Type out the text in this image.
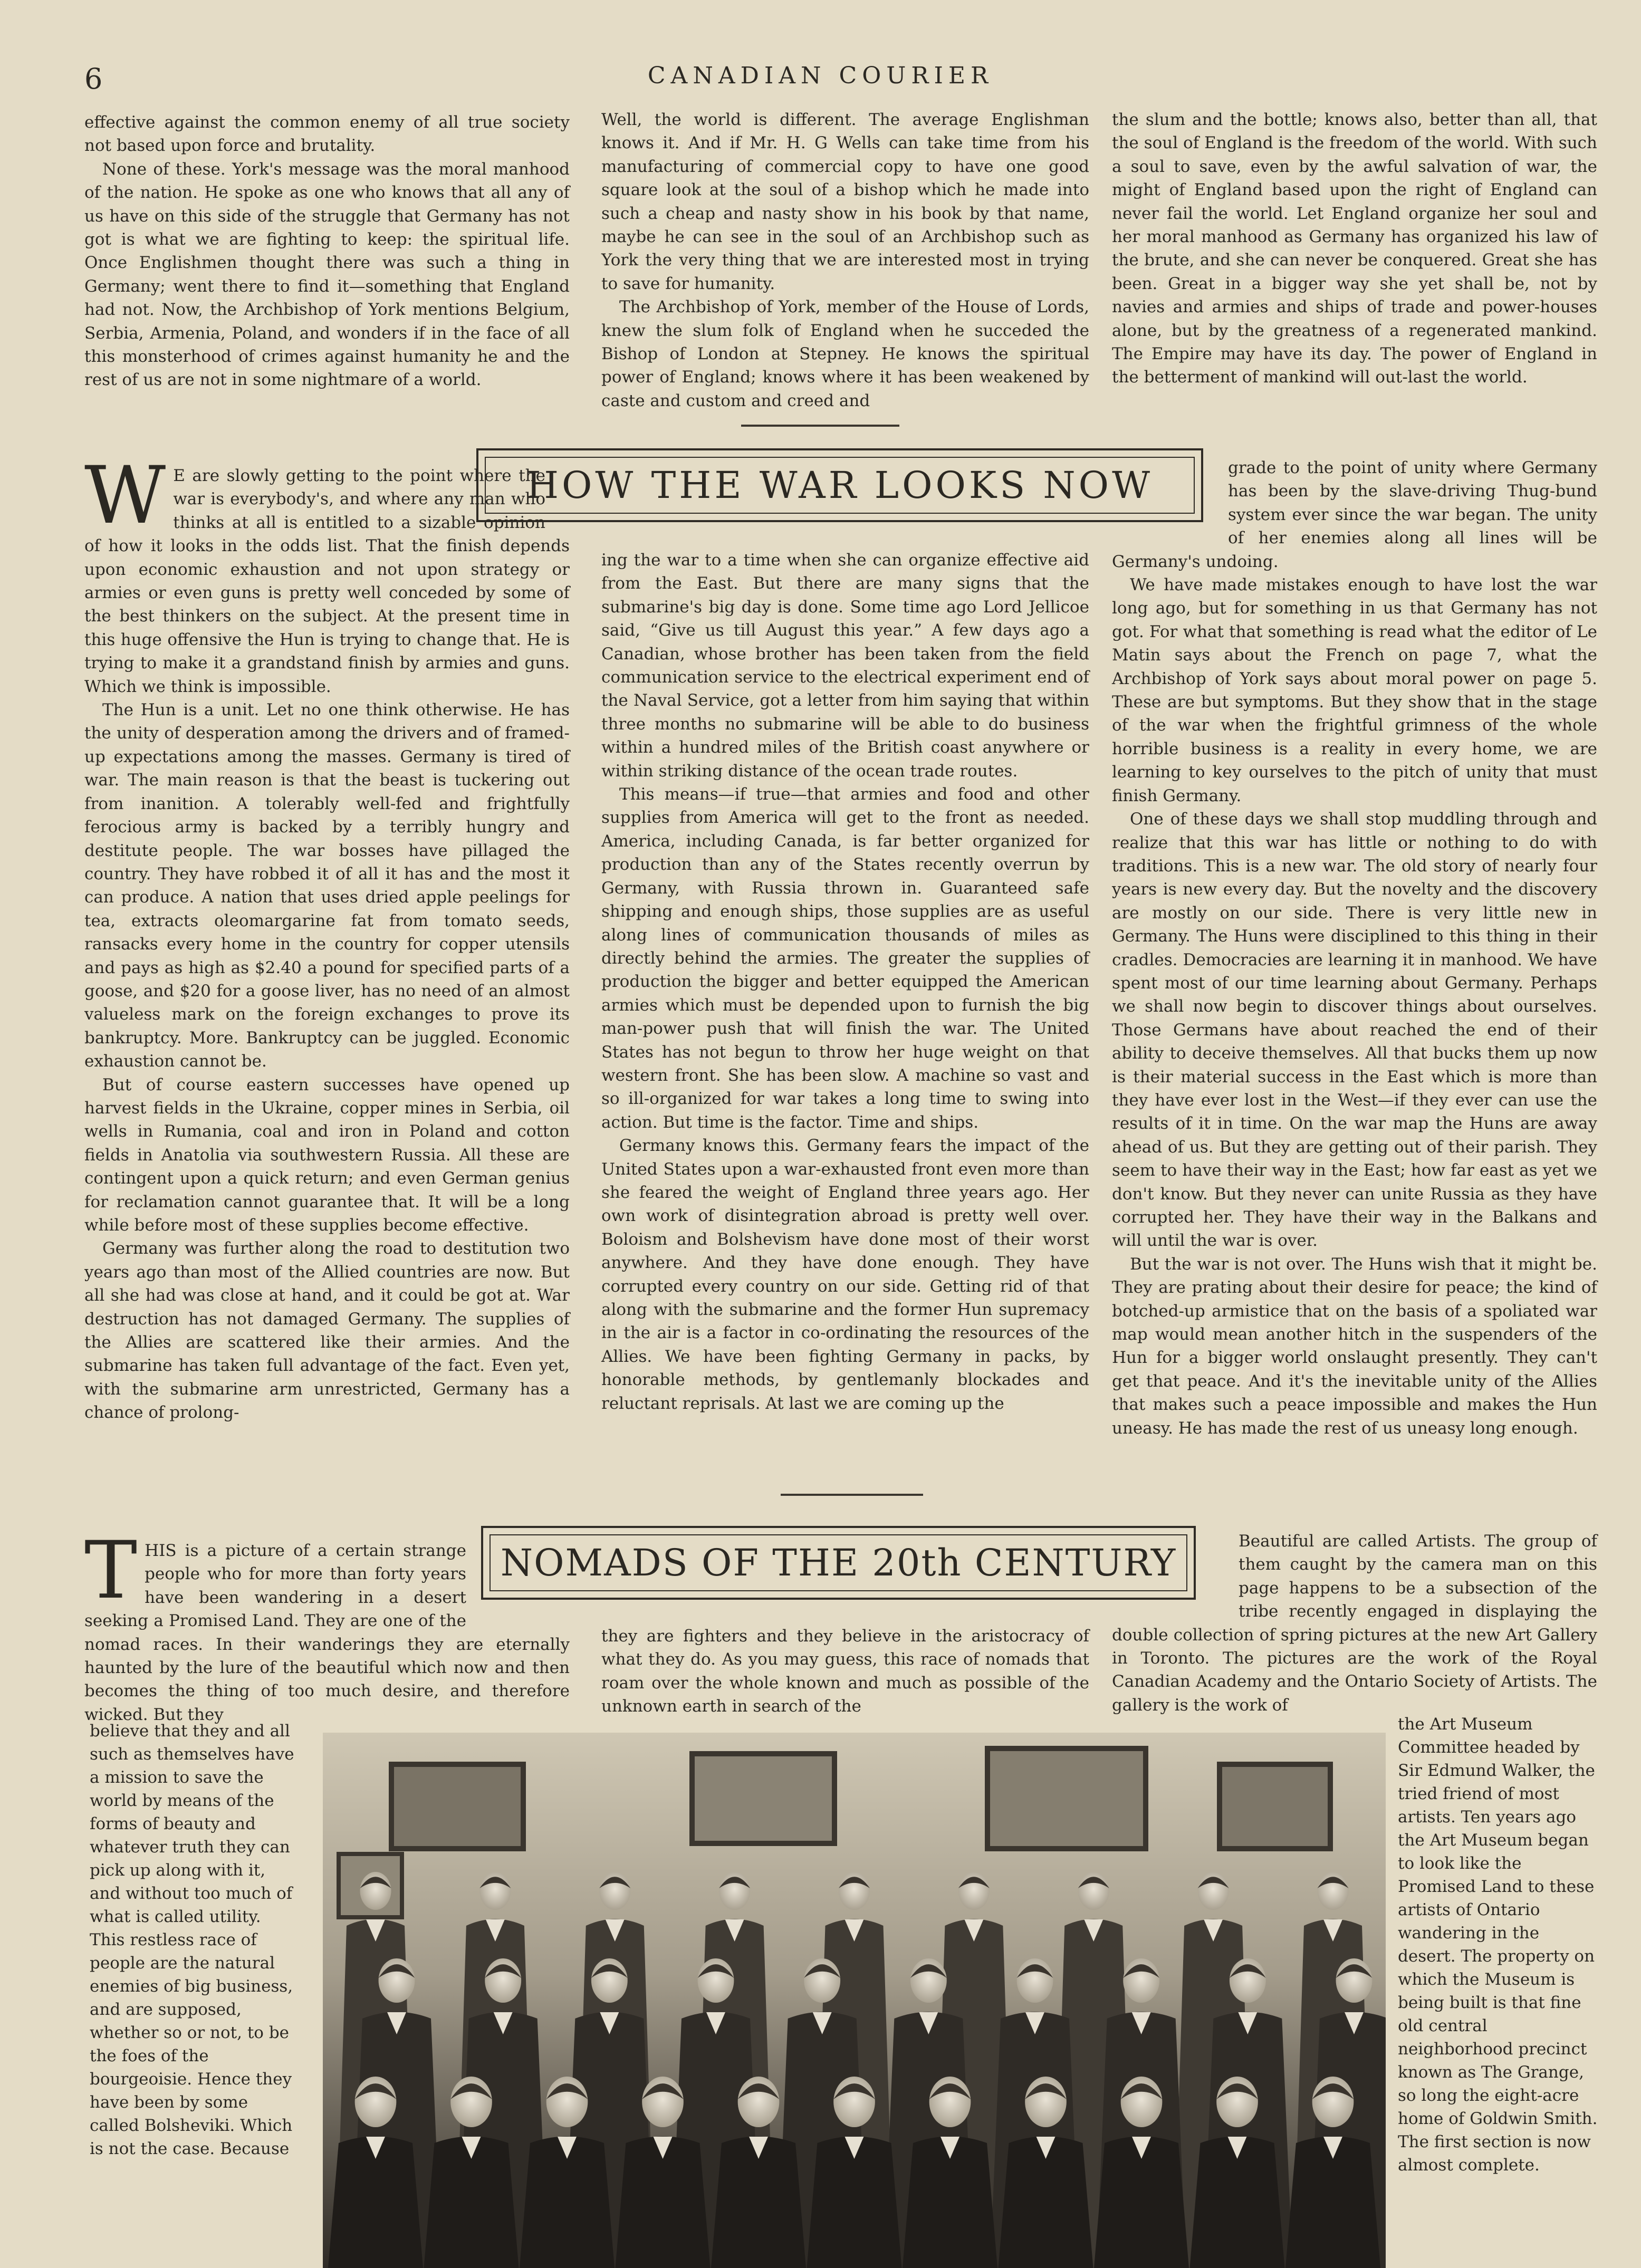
6	CANADIAN COURIER

effective against the common enemy of all true society not based upon force and brutality.

None of these. York's message was the moral manhood of the nation. He spoke as one who knows that all any of us have on this side of the struggle that Germany has not got is what we are fighting to keep: the spiritual life. Once Englishmen thought there was such a thing in Germany; went there to find it—something that England had not. Now, the Archbishop of York mentions Belgium, Serbia, Armenia, Poland, and wonders if in the face of all this monsterhood of crimes against humanity he and the rest of us are not in some nightmare of a world.

Well, the world is different. The average Englishman knows it. And if Mr. H. G Wells can take time from his manufacturing of commercial copy to have one good square look at the soul of a bishop which he made into such a cheap and nasty show in his book by that name, maybe he can see in the soul of an Archbishop such as York the very thing that we are interested most in trying to save for humanity.

The Archbishop of York, member of the House of Lords, knew the slum folk of England when he succeded the Bishop of London at Stepney. He knows the spiritual power of England; knows where it has been weakened by caste and custom and creed and

the slum and the bottle; knows also, better than all, that the soul of England is the freedom of the world. With such a soul to save, even by the awful salvation of war, the might of England based upon the right of England can never fail the world. Let England organize her soul and her moral manhood as Germany has organized his law of the brute, and she can never be conquered. Great she has been. Great in a bigger way she yet shall be, not by navies and armies and ships of trade and power-houses alone, but by the greatness of a regenerated mankind. The Empire may have its day. The power of England in the betterment of mankind will out-last the world.

HOW THE WAR LOOKS NOW
W E are slowly getting to the point where the war is everybody's, and where any man who thinks at all is entitled to a sizable opinion of how it looks in the odds list. That the finish depends upon economic exhaustion and not upon strategy or armies or even guns is pretty well conceded by some of the best thinkers on the subject. At the present time in this huge offensive the Hun is trying to change that. He is trying to make it a grandstand finish by armies and guns. Which we think is impossible.

The Hun is a unit. Let no one think otherwise. He has the unity of desperation among the drivers and of framed-up expectations among the masses. Germany is tired of war. The main reason is that the beast is tuckering out from inanition. A tolerably well-fed and frightfully ferocious army is backed by a terribly hungry and destitute people. The war bosses have pillaged the country. They have robbed it of all it has and the most it can produce. A nation that uses dried apple peelings for tea, extracts oleomargarine fat from tomato seeds, ransacks every home in the country for copper utensils and pays as high as $2.40 a pound for specified parts of a goose, and $20 for a goose liver, has no need of an almost valueless mark on the foreign exchanges to prove its bankruptcy. More. Bankruptcy can be juggled. Economic exhaustion cannot be.

But of course eastern successes have opened up harvest fields in the Ukraine, copper mines in Serbia, oil wells in Rumania, coal and iron in Poland and cotton fields in Anatolia via southwestern Russia. All these are contingent upon a quick return; and even German genius for reclamation cannot guarantee that. It will be a long while before most of these supplies become effective.

Germany was further along the road to destitution two years ago than most of the Allied countries are now. But all she had was close at hand, and it could be got at. War destruction has not damaged Germany. The supplies of the Allies are scattered like their armies. And the submarine has taken full advantage of the fact. Even yet, with the submarine arm unrestricted, Germany has a chance of prolong-

ing the war to a time when she can organize effective aid from the East. But there are many signs that the submarine's big day is done. Some time ago Lord Jellicoe said, “Give us till August this year.” A few days ago a Canadian, whose brother has been taken from the field communication service to the electrical experiment end of the Naval Service, got a letter from him saying that within three months no submarine will be able to do business within a hundred miles of the British coast anywhere or within striking distance of the ocean trade routes.

This means—if true—that armies and food and other supplies from America will get to the front as needed. America, including Canada, is far better organized for production than any of the States recently overrun by Germany, with Russia thrown in. Guaranteed safe shipping and enough ships, those supplies are as useful along lines of communication thousands of miles as directly behind the armies. The greater the supplies of production the bigger and better equipped the American armies which must be depended upon to furnish the big man-power push that will finish the war. The United States has not begun to throw her huge weight on that western front. She has been slow. A machine so vast and so ill-organized for war takes a long time to swing into action. But time is the factor. Time and ships.

Germany knows this. Germany fears the impact of the United States upon a war-exhausted front even more than she feared the weight of England three years ago. Her own work of disintegration abroad is pretty well over. Boloism and Bolshevism have done most of their worst anywhere. And they have done enough. They have corrupted every country on our side. Getting rid of that along with the submarine and the former Hun supremacy in the air is a factor in co-ordinating the resources of the Allies. We have been fighting Germany in packs, by honorable methods, by gentlemanly blockades and reluctant reprisals. At last we are coming up the

grade to the point of unity where Germany has been by the slave-driving Thug-bund system ever since the war began. The unity of her enemies along all lines will be Germany's undoing.

We have made mistakes enough to have lost the war long ago, but for something in us that Germany has not got. For what that something is read what the editor of Le Matin says about the French on page 7, what the Archbishop of York says about moral power on page 5. These are but symptoms. But they show that in the stage of the war when the frightful grimness of the whole horrible business is a reality in every home, we are learning to key ourselves to the pitch of unity that must finish Germany.

One of these days we shall stop muddling through and realize that this war has little or nothing to do with traditions. This is a new war. The old story of nearly four years is new every day. But the novelty and the discovery are mostly on our side. There is very little new in Germany. The Huns were disciplined to this thing in their cradles. Democracies are learning it in manhood. We have spent most of our time learning about Germany. Perhaps we shall now begin to discover things about ourselves. Those Germans have about reached the end of their ability to deceive themselves. All that bucks them up now is their material success in the East which is more than they have ever lost in the West—if they ever can use the results of it in time. On the war map the Huns are away ahead of us. But they are getting out of their parish. They seem to have their way in the East; how far east as yet we don't know. But they never can unite Russia as they have corrupted her. They have their way in the Balkans and will until the war is over.

But the war is not over. The Huns wish that it might be. They are prating about their desire for peace; the kind of botched-up armistice that on the basis of a spoliated war map would mean another hitch in the suspenders of the Hun for a bigger world onslaught presently. They can't get that peace. And it's the inevitable unity of the Allies that makes such a peace impossible and makes the Hun uneasy. He has made the rest of us uneasy long enough.

NOMADS OF THE 20th CENTURY
T HIS is a picture of a certain strange people who for more than forty years have been wandering in a desert seeking a Promised Land. They are one of the nomad races. In their wanderings they are eternally haunted by the lure of the beautiful which now and then becomes the thing of too much desire, and therefore wicked. But they

believe that they and all such as themselves have a mission to save the world by means of the forms of beauty and whatever truth they can pick up along with it, and without too much of what is called utility. This restless race of people are the natural enemies of big business, and are supposed, whether so or not, to be the foes of the bourgeoisie. Hence they have been by some called Bolsheviki. Which is not the case. Because

they are fighters and they believe in the aristocracy of what they do. As you may guess, this race of nomads that roam over the whole known and much as possible of the unknown earth in search of the

Beautiful are called Artists. The group of them caught by the camera man on this page happens to be a subsection of the tribe recently engaged in displaying the double collection of spring pictures at the new Art Gallery in Toronto. The pictures are the work of the Royal Canadian Academy and the Ontario Society of Artists. The gallery is the work of

the Art Museum Committee headed by Sir Edmund Walker, the tried friend of most artists. Ten years ago the Art Museum began to look like the Promised Land to these artists of Ontario wandering in the desert. The property on which the Museum is being built is that fine old central neighborhood precinct known as The Grange, so long the eight-acre home of Goldwin Smith. The first section is now almost complete.
